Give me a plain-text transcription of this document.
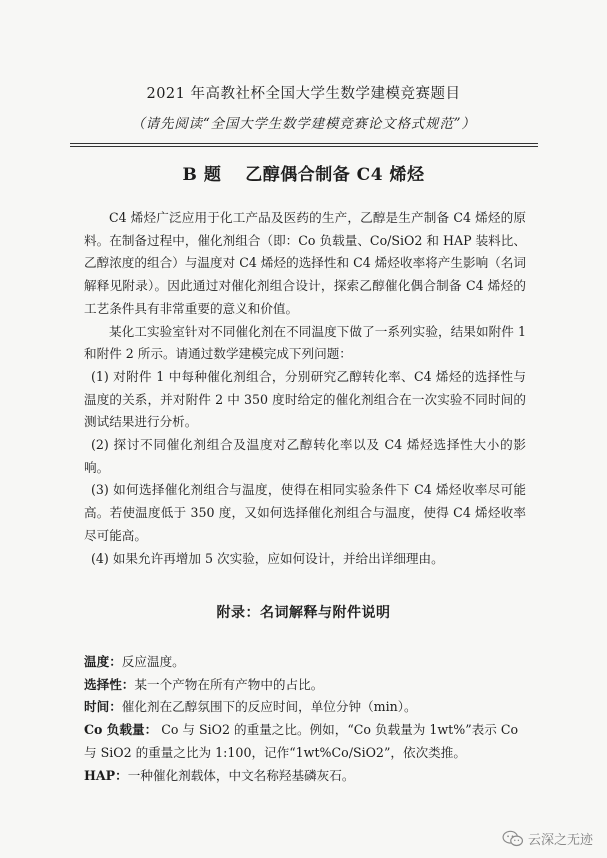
2021 年高教社杯全国大学生数学建模竞赛题目
（请先阅读“全国大学生数学建模竞赛论文格式规范”）
B 题　 乙醇偶合制备 C4 烯烃

C4 烯烃广泛应用于化工产品及医药的生产，乙醇是生产制备 C4 烯烃的原料。在制备过程中，催化剂组合（即：Co 负载量、Co/SiO2 和 HAP 装料比、乙醇浓度的组合）与温度对 C4 烯烃的选择性和 C4 烯烃收率将产生影响（名词解释见附录）。因此通过对催化剂组合设计，探索乙醇催化偶合制备 C4 烯烃的工艺条件具有非常重要的意义和价值。

某化工实验室针对不同催化剂在不同温度下做了一系列实验，结果如附件 1 和附件 2 所示。请通过数学建模完成下列问题：

(1) 对附件 1 中每种催化剂组合，分别研究乙醇转化率、C4 烯烃的选择性与温度的关系，并对附件 2 中 350 度时给定的催化剂组合在一次实验不同时间的测试结果进行分析。

(2) 探讨不同催化剂组合及温度对乙醇转化率以及 C4 烯烃选择性大小的影响。

(3) 如何选择催化剂组合与温度，使得在相同实验条件下 C4 烯烃收率尽可能高。若使温度低于 350 度，又如何选择催化剂组合与温度，使得 C4 烯烃收率尽可能高。

(4) 如果允许再增加 5 次实验，应如何设计，并给出详细理由。

附录：名词解释与附件说明

温度：反应温度。

选择性：某一个产物在所有产物中的占比。

时间：催化剂在乙醇氛围下的反应时间，单位分钟（min）。

Co 负载量： Co 与 SiO2 的重量之比。例如，“Co 负载量为 1wt%”表示 Co 与 SiO2 的重量之比为 1:100，记作“1wt%Co/SiO2”，依次类推。

HAP：一种催化剂载体，中文名称羟基磷灰石。

云深之无迹
